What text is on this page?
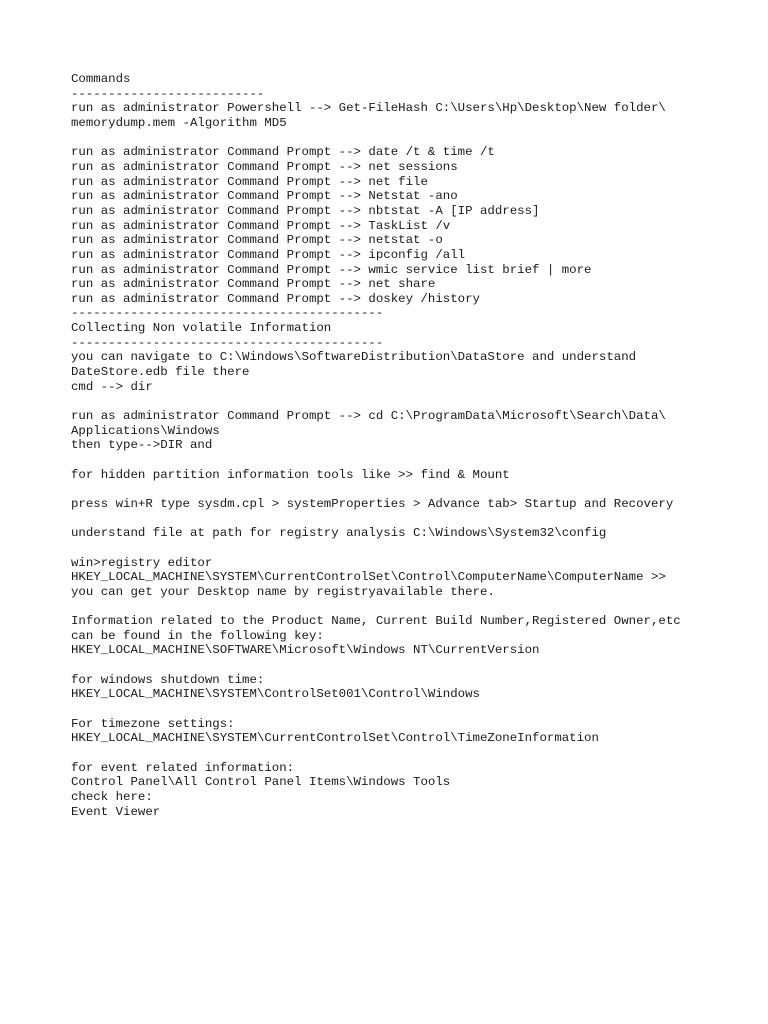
Commands
--------------------------
run as administrator Powershell --> Get-FileHash C:\Users\Hp\Desktop\New folder\
memorydump.mem -Algorithm MD5
run as administrator Command Prompt --> date /t & time /t
run as administrator Command Prompt --> net sessions
run as administrator Command Prompt --> net file
run as administrator Command Prompt --> Netstat -ano
run as administrator Command Prompt --> nbtstat -A [IP address]
run as administrator Command Prompt --> TaskList /v
run as administrator Command Prompt --> netstat -o
run as administrator Command Prompt --> ipconfig /all
run as administrator Command Prompt --> wmic service list brief | more
run as administrator Command Prompt --> net share
run as administrator Command Prompt --> doskey /history
------------------------------------------
Collecting Non volatile Information
------------------------------------------
you can navigate to C:\Windows\SoftwareDistribution\DataStore and understand
DateStore.edb file there
cmd --> dir
run as administrator Command Prompt --> cd C:\ProgramData\Microsoft\Search\Data\
Applications\Windows
then type-->DIR and
for hidden partition information tools like >> find & Mount
press win+R type sysdm.cpl > systemProperties > Advance tab> Startup and Recovery
understand file at path for registry analysis C:\Windows\System32\config
win>registry editor
HKEY_LOCAL_MACHINE\SYSTEM\CurrentControlSet\Control\ComputerName\ComputerName >>
you can get your Desktop name by registryavailable there.
Information related to the Product Name, Current Build Number,Registered Owner,etc
can be found in the following key:
HKEY_LOCAL_MACHINE\SOFTWARE\Microsoft\Windows NT\CurrentVersion
for windows shutdown time:
HKEY_LOCAL_MACHINE\SYSTEM\ControlSet001\Control\Windows
For timezone settings:
HKEY_LOCAL_MACHINE\SYSTEM\CurrentControlSet\Control\TimeZoneInformation
for event related information:
Control Panel\All Control Panel Items\Windows Tools
check here:
Event Viewer
